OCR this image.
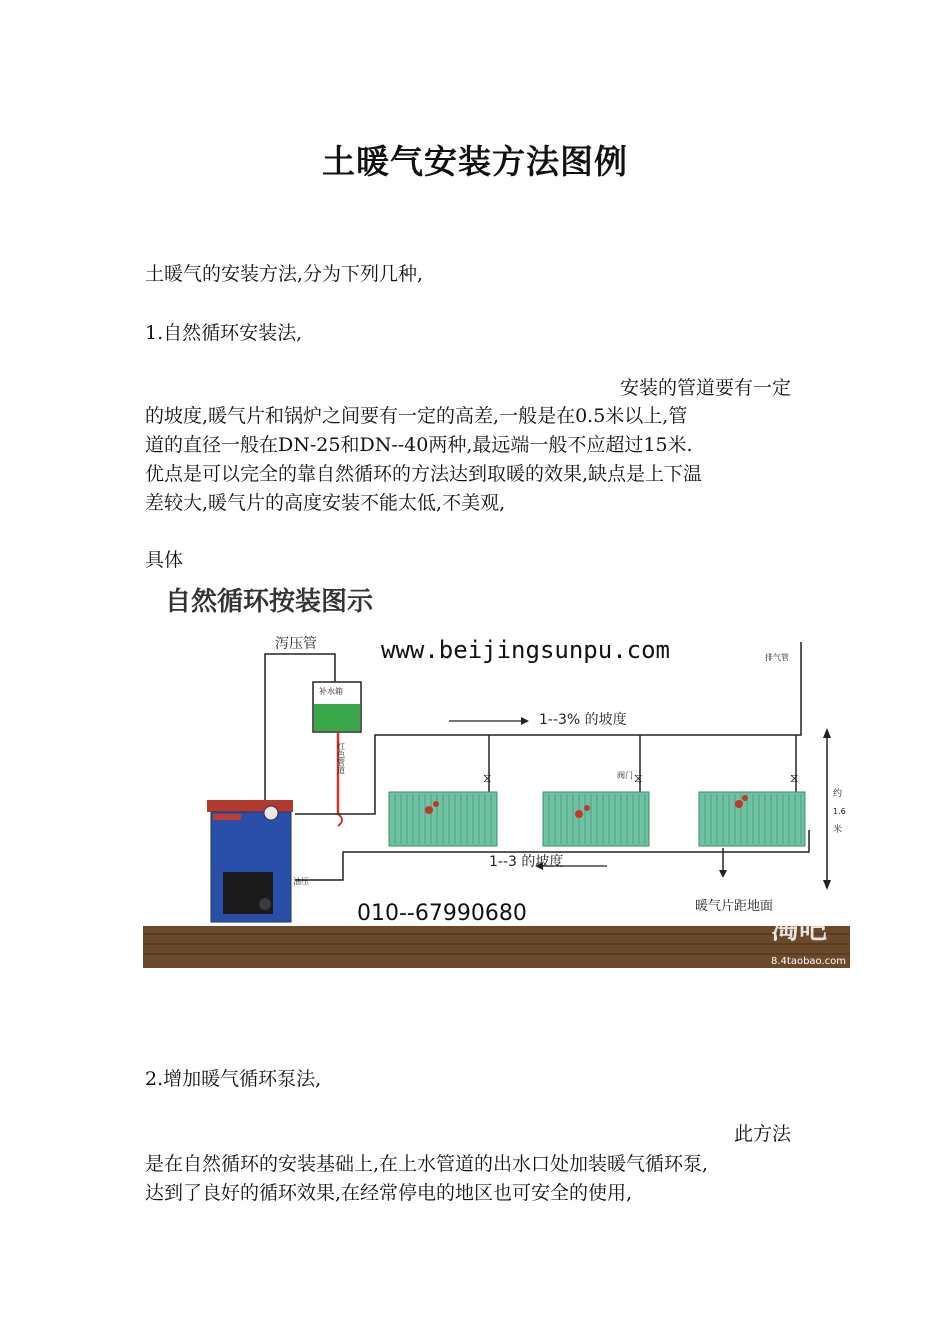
土暖气安装方法图例
土暖气的安装方法,分为下列几种,
1.自然循环安装法,
安装的管道要有一定
的坡度,暖气片和锅炉之间要有一定的高差,一般是在0.5米以上,管
道的直径一般在DN-25和DN--40两种,最远端一般不应超过15米.
优点是可以完全的靠自然循环的方法达到取暖的效果,缺点是上下温
差较大,暖气片的高度安装不能太低,不美观,
具体
自然循环按装图示
www.beijingsunpu.com
泻压管
补水箱
红色管道
排气管
1--3% 的坡度
⧖	⧖	⧖
阀门
1--3 的坡度
油压
暖气片距地面
约
1.6
米
010--67990680	淘吧
8.4taobao.com
2.增加暖气循环泵法,
此方法
是在自然循环的安装基础上,在上水管道的出水口处加装暖气循环泵,
达到了良好的循环效果,在经常停电的地区也可安全的使用,
